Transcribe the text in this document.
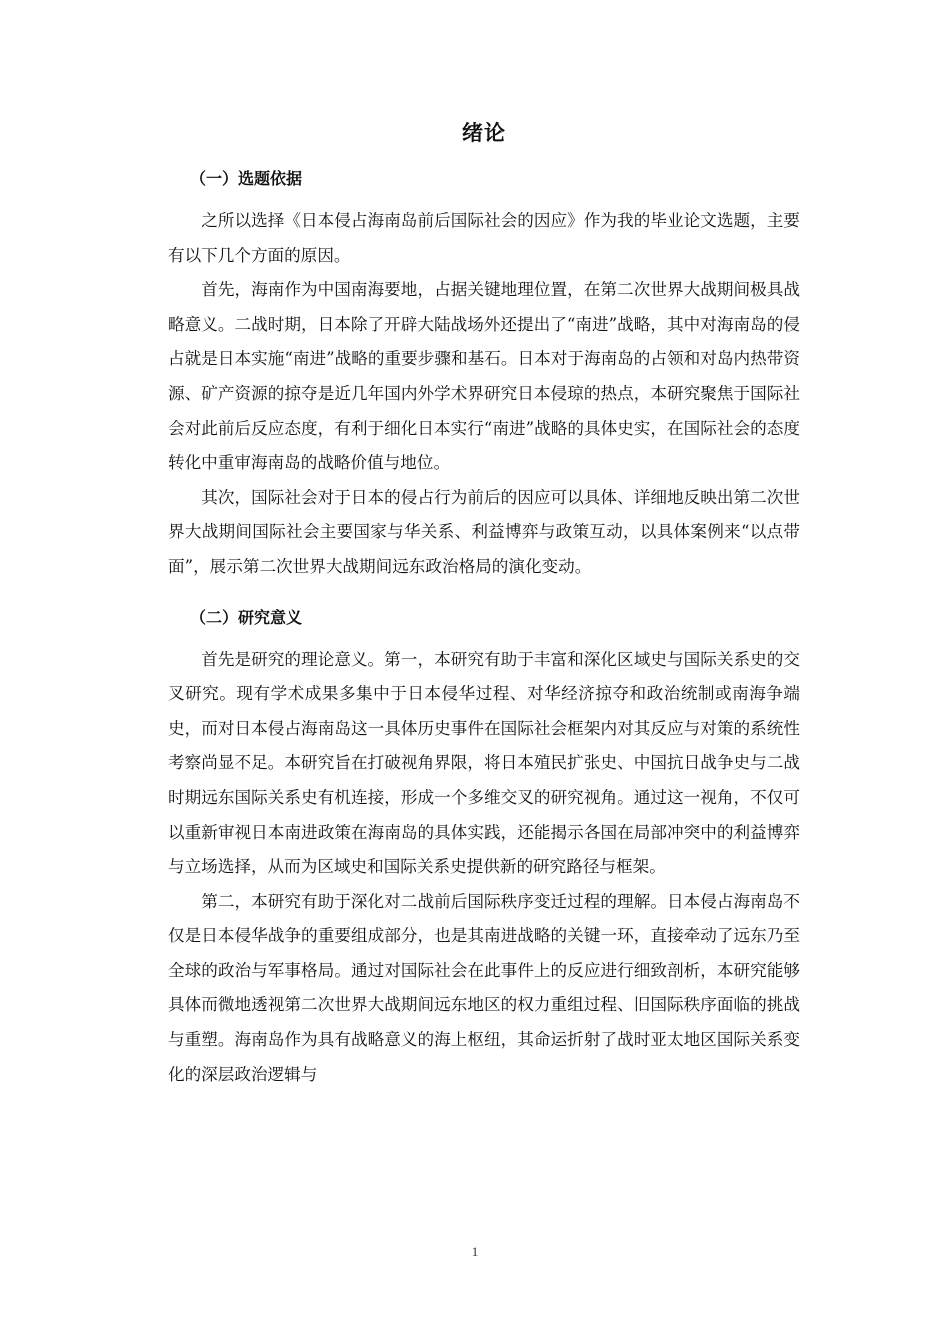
绪论
（一）选题依据

之所以选择《日本侵占海南岛前后国际社会的因应》作为我的毕业论文选题，主要有以下几个方面的原因。

首先，海南作为中国南海要地，占据关键地理位置，在第二次世界大战期间极具战略意义。二战时期，日本除了开辟大陆战场外还提出了“南进”战略，其中对海南岛的侵占就是日本实施“南进”战略的重要步骤和基石。日本对于海南岛的占领和对岛内热带资源、矿产资源的掠夺是近几年国内外学术界研究日本侵琼的热点，本研究聚焦于国际社会对此前后反应态度，有利于细化日本实行“南进”战略的具体史实，在国际社会的态度转化中重审海南岛的战略价值与地位。

其次，国际社会对于日本的侵占行为前后的因应可以具体、详细地反映出第二次世界大战期间国际社会主要国家与华关系、利益博弈与政策互动，以具体案例来“以点带面”，展示第二次世界大战期间远东政治格局的演化变动。

（二）研究意义

首先是研究的理论意义。第一，本研究有助于丰富和深化区域史与国际关系史的交叉研究。现有学术成果多集中于日本侵华过程、对华经济掠夺和政治统制或南海争端史，而对日本侵占海南岛这一具体历史事件在国际社会框架内对其反应与对策的系统性考察尚显不足。本研究旨在打破视角界限，将日本殖民扩张史、中国抗日战争史与二战时期远东国际关系史有机连接，形成一个多维交叉的研究视角。通过这一视角，不仅可以重新审视日本南进政策在海南岛的具体实践，还能揭示各国在局部冲突中的利益博弈与立场选择，从而为区域史和国际关系史提供新的研究路径与框架。

第二，本研究有助于深化对二战前后国际秩序变迁过程的理解。日本侵占海南岛不仅是日本侵华战争的重要组成部分，也是其南进战略的关键一环，直接牵动了远东乃至全球的政治与军事格局。通过对国际社会在此事件上的反应进行细致剖析，本研究能够具体而微地透视第二次世界大战期间远东地区的权力重组过程、旧国际秩序面临的挑战与重塑。海南岛作为具有战略意义的海上枢纽，其命运折射了战时亚太地区国际关系变化的深层政治逻辑与

1
